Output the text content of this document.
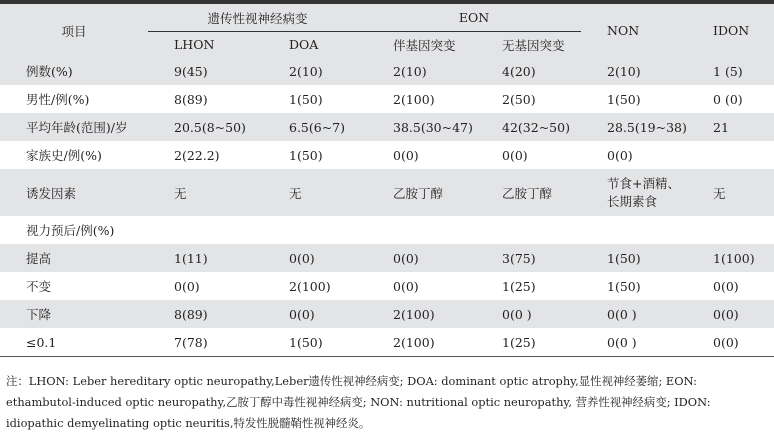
项目	遗传性视神经病变		EON		NON	IDON
	LHON	DOA	伴基因突变	无基因突变		
例数(%)	9(45)	2(10)	2(10)	4(20)	2(10)	1 (5)
男性/例(%)	8(89)	1(50)	2(100)	2(50)	1(50)	0 (0)
平均年龄(范围)/岁	20.5(8~50)	6.5(6~7)	38.5(30~47)	42(32~50)	28.5(19~38)	21
家族史/例(%)	2(22.2)	1(50)	0(0)	0(0)	0(0)	
诱发因素	无	无	乙胺丁醇	乙胺丁醇	节食+酒精、长期素食	无
视力预后/例(%)						
提高	1(11)	0(0)	0(0)	3(75)	1(50)	1(100)
不变	0(0)	2(100)	0(0)	1(25)	1(50)	0(0)
下降	8(89)	0(0)	2(100)	0(0 )	0(0 )	0(0)
≤0.1	7(78)	1(50)	2(100)	1(25)	0(0 )	0(0)

注：LHON: Leber hereditary optic neuropathy,Leber遗传性视神经病变; DOA: dominant optic atrophy,显性视神经萎缩; EON: ethambutol-induced optic neuropathy,乙胺丁醇中毒性视神经病变; NON: nutritional optic neuropathy, 营养性视神经病变; IDON: idiopathic demyelinating optic neuritis,特发性脱髓鞘性视神经炎。
